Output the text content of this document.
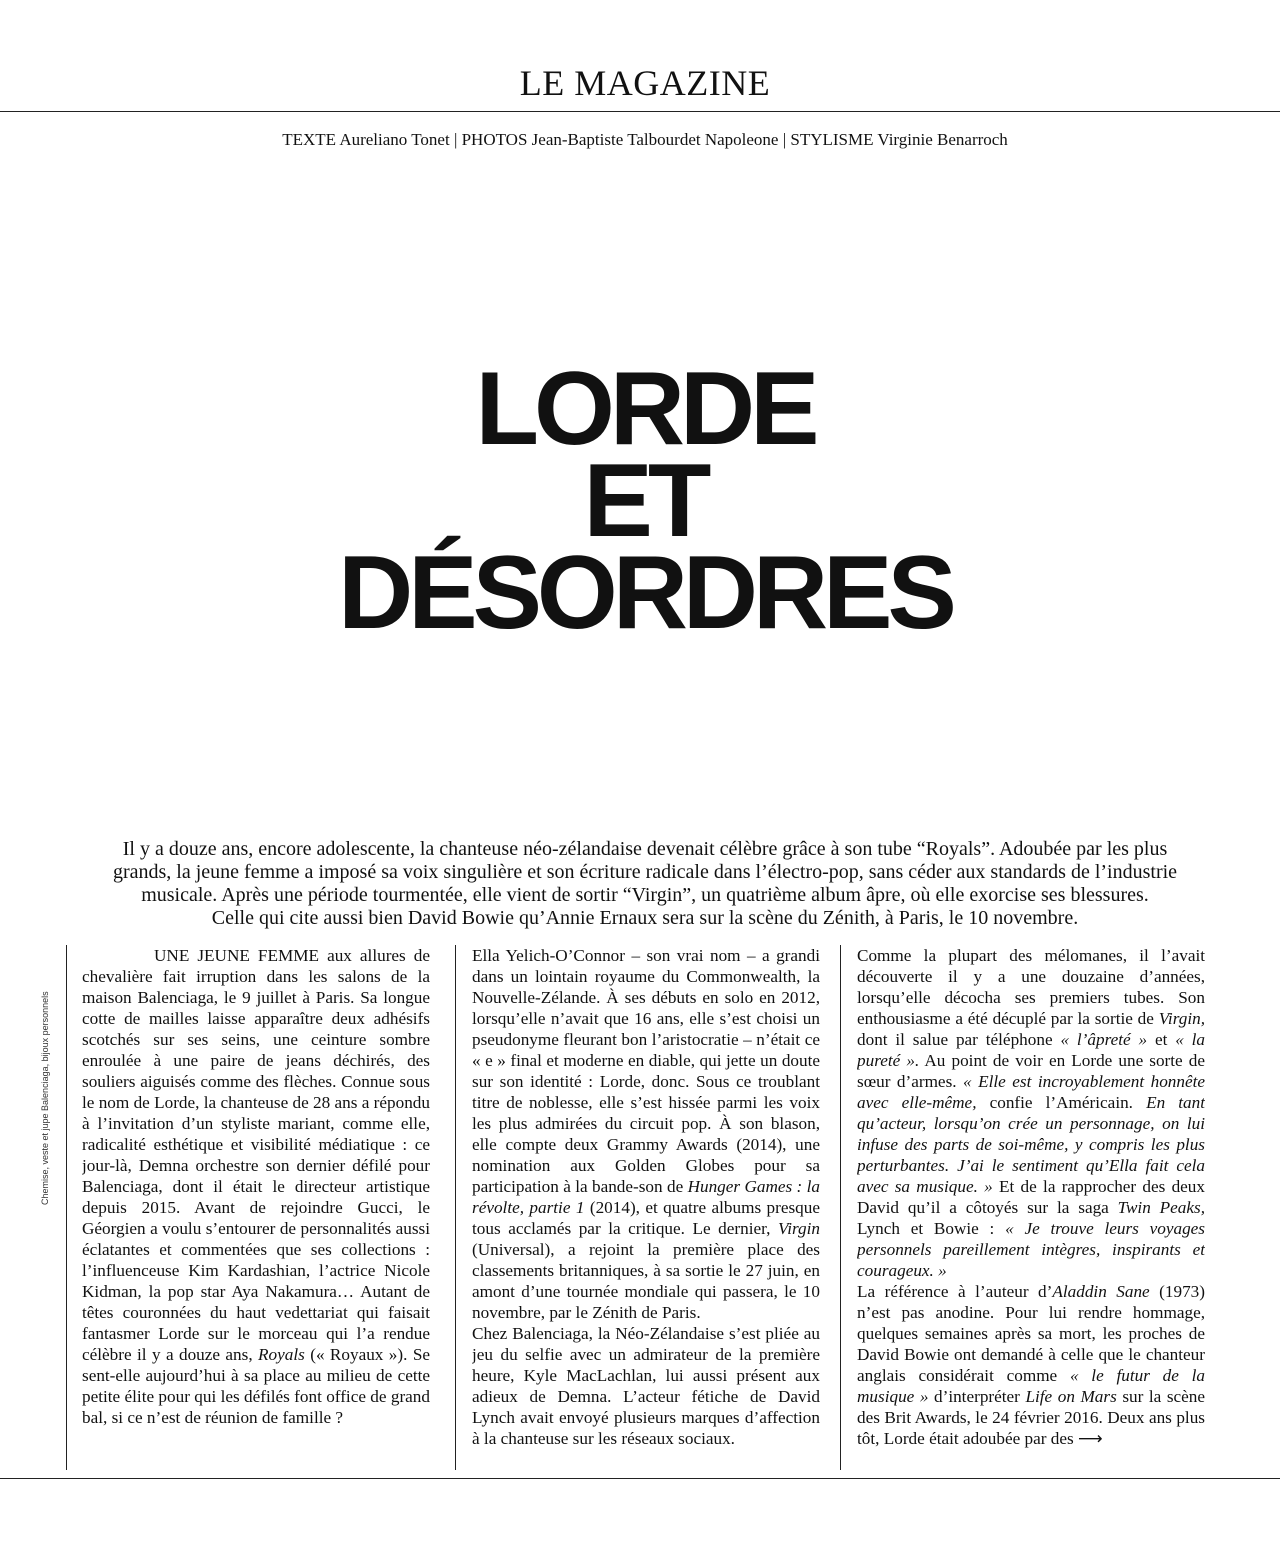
LE MAGAZINE
TEXTE Aureliano Tonet | PHOTOS Jean-Baptiste Talbourdet Napoleone | STYLISME Virginie Benarroch
LORDE
ET
DÉSORDRES
Il y a douze ans, encore adolescente, la chanteuse néo-zélandaise devenait célèbre grâce à son tube “Royals”. Adoubée par les plus
grands, la jeune femme a imposé sa voix singulière et son écriture radicale dans l’électro-pop, sans céder aux standards de l’industrie
musicale. Après une période tourmentée, elle vient de sortir “Virgin”, un quatrième album âpre, où elle exorcise ses blessures.
Celle qui cite aussi bien David Bowie qu’Annie Ernaux sera sur la scène du Zénith, à Paris, le 10 novembre.
Chemise, veste et jupe Balenciaga, bijoux personnels

UNE JEUNE FEMME aux allures de chevalière fait irruption dans les salons de la maison Balenciaga, le 9 juillet à Paris. Sa longue cotte de mailles laisse apparaître deux adhésifs scotchés sur ses seins, une ceinture sombre enroulée à une paire de jeans déchirés, des souliers aiguisés comme des flèches. Connue sous le nom de Lorde, la chanteuse de 28 ans a répondu à l’invitation d’un styliste mariant, comme elle, radicalité esthétique et visibilité médiatique : ce jour-là, Demna orchestre son dernier défilé pour Balenciaga, dont il était le directeur artistique depuis 2015. Avant de rejoindre Gucci, le Géorgien a voulu s’entourer de personnalités aussi éclatantes et commentées que ses collections : l’influenceuse Kim Kardashian, l’actrice Nicole Kidman, la pop star Aya Nakamura… Autant de têtes couronnées du haut vedettariat qui faisait fantasmer Lorde sur le morceau qui l’a rendue célèbre il y a douze ans, Royals (« Royaux »). Se sent-elle aujourd’hui à sa place au milieu de cette petite élite pour qui les défilés font office de grand bal, si ce n’est de réunion de famille ?

Ella Yelich-O’Connor – son vrai nom – a grandi dans un lointain royaume du Commonwealth, la Nouvelle-Zélande. À ses débuts en solo en 2012, lorsqu’elle n’avait que 16 ans, elle s’est choisi un pseudonyme fleurant bon l’aristocratie – n’était ce « e » final et moderne en diable, qui jette un doute sur son identité : Lorde, donc. Sous ce troublant titre de noblesse, elle s’est hissée parmi les voix les plus admirées du circuit pop. À son blason, elle compte deux Grammy Awards (2014), une nomination aux Golden Globes pour sa participation à la bande-son de Hunger Games : la révolte, partie 1 (2014), et quatre albums presque tous acclamés par la critique. Le dernier, Virgin (Universal), a rejoint la première place des classements britanniques, à sa sortie le 27 juin, en amont d’une tournée mondiale qui passera, le 10 novembre, par le Zénith de Paris.

Chez Balenciaga, la Néo-Zélandaise s’est pliée au jeu du selfie avec un admirateur de la première heure, Kyle MacLachlan, lui aussi présent aux adieux de Demna. L’acteur fétiche de David Lynch avait envoyé plusieurs marques d’affection à la chanteuse sur les réseaux sociaux.

Comme la plupart des mélomanes, il l’avait découverte il y a une douzaine d’années, lorsqu’elle décocha ses premiers tubes. Son enthousiasme a été décuplé par la sortie de Virgin, dont il salue par téléphone « l’âpreté » et « la pureté ». Au point de voir en Lorde une sorte de sœur d’armes. « Elle est incroyablement honnête avec elle-même, confie l’Américain. En tant qu’acteur, lorsqu’on crée un personnage, on lui infuse des parts de soi-même, y compris les plus perturbantes. J’ai le sentiment qu’Ella fait cela avec sa musique. » Et de la rapprocher des deux David qu’il a côtoyés sur la saga Twin Peaks, Lynch et Bowie : « Je trouve leurs voyages personnels pareillement intègres, inspirants et courageux. »

La référence à l’auteur d’Aladdin Sane (1973) n’est pas anodine. Pour lui rendre hommage, quelques semaines après sa mort, les proches de David Bowie ont demandé à celle que le chanteur anglais considérait comme « le futur de la musique » d’interpréter Life on Mars sur la scène des Brit Awards, le 24 février 2016. Deux ans plus tôt, Lorde était adoubée par des ⟶
